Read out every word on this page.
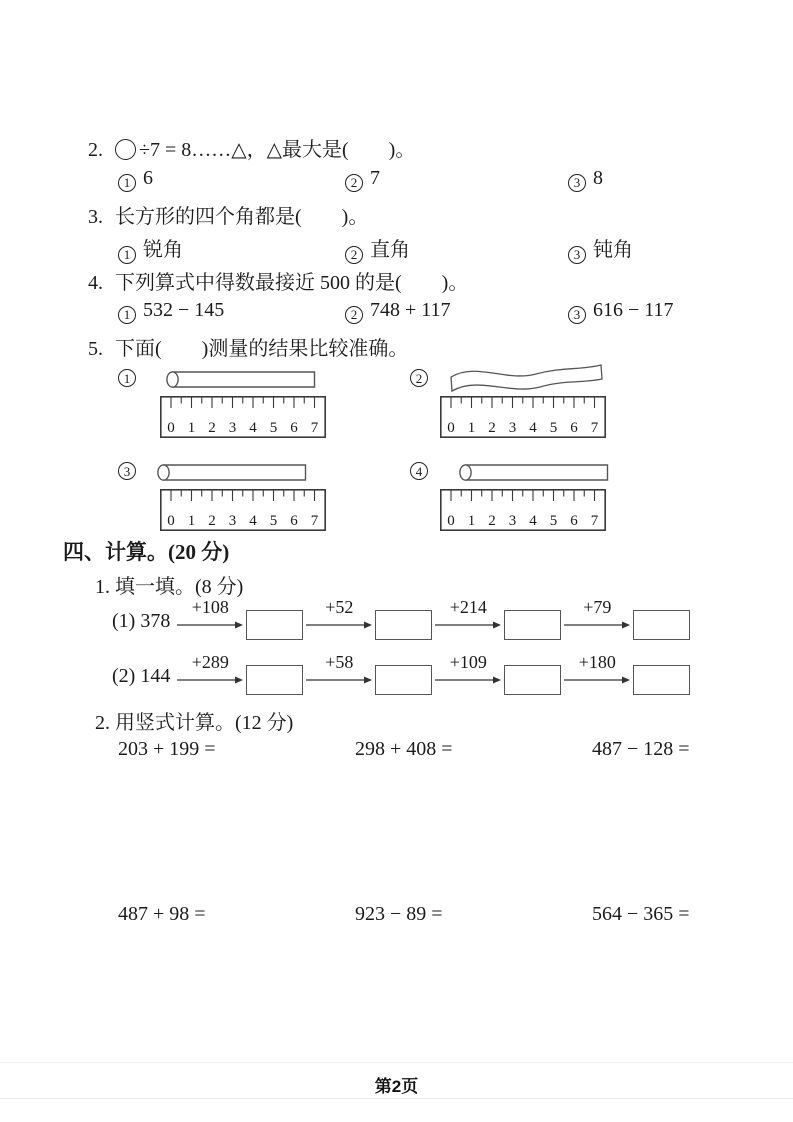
2. ÷7 = 8……△，△最大是(        )。
1 6	2 7	3 8
3. 长方形的四个角都是(        )。
1 锐角	2 直角	3 钝角
4. 下列算式中得数最接近 500 的是(        )。
1 532 − 145	2 748 + 117	3 616 − 117
5. 下面(        )测量的结果比较准确。
1
0 1 2 3 4 5 6 7
2
0 1 2 3 4 5 6 7
3
0 1 2 3 4 5 6 7
4
0 1 2 3 4 5 6 7
四、计算。(20 分)
1. 填一填。(8 分)
(1) 378
+108	+52	+214	+79
(2) 144
+289	+58	+109	+180
2. 用竖式计算。(12 分)
203 + 199 =	298 + 408 =	487 − 128 =
487 + 98 =	923 − 89 =	564 − 365 =
第2页
